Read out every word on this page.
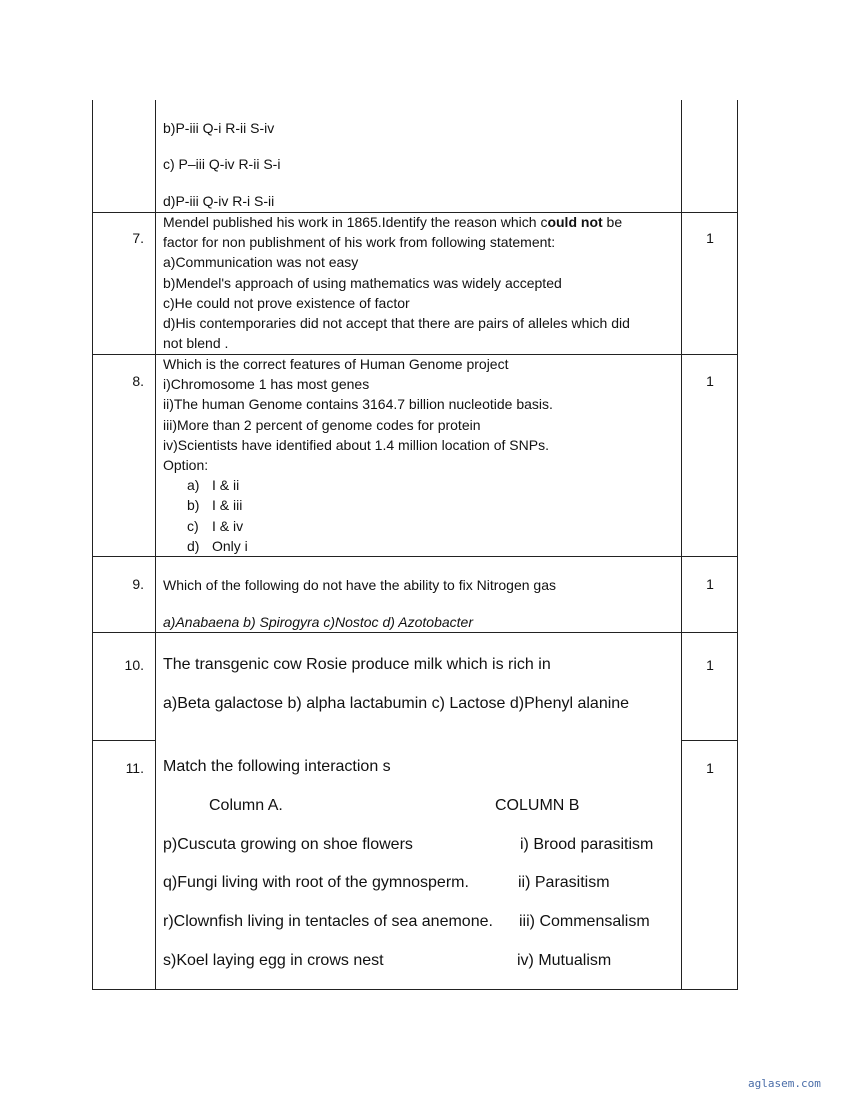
b)P-iii Q-i R-ii S-iv
c) P–iii Q-iv R-ii S-i
d)P-iii Q-iv R-i S-ii
7.
Mendel published his work in 1865.Identify the reason which could not be
factor for non publishment of his work from following statement:
a)Communication was not easy
b)Mendel's approach of using mathematics was widely accepted
c)He could not prove existence of factor
d)His contemporaries did not accept that there are pairs of alleles which did
not blend .
1
8.
Which is the correct features of Human Genome project
i)Chromosome 1 has most genes
ii)The human Genome contains 3164.7 billion nucleotide basis.
iii)More than 2 percent of genome codes for protein
iv)Scientists have identified about 1.4 million location of SNPs.
Option:
a) I & ii
b) I & iii
c) I & iv
d) Only i
1
9. Which of the following do not have the ability to fix Nitrogen gas
a)Anabaena b) Spirogyra c)Nostoc d) Azotobacter
1
10. The transgenic cow Rosie produce milk which is rich in
a)Beta galactose b) alpha lactabumin c) Lactose d)Phenyl alanine
1
11. Match the following interaction s
Column A.	COLUMN B
p)Cuscuta growing on shoe flowers	i) Brood parasitism
q)Fungi living with root of the gymnosperm.	ii) Parasitism
r)Clownfish living in tentacles of sea anemone. iii) Commensalism
s)Koel laying egg in crows nest	iv) Mutualism
1
aglasem.com
